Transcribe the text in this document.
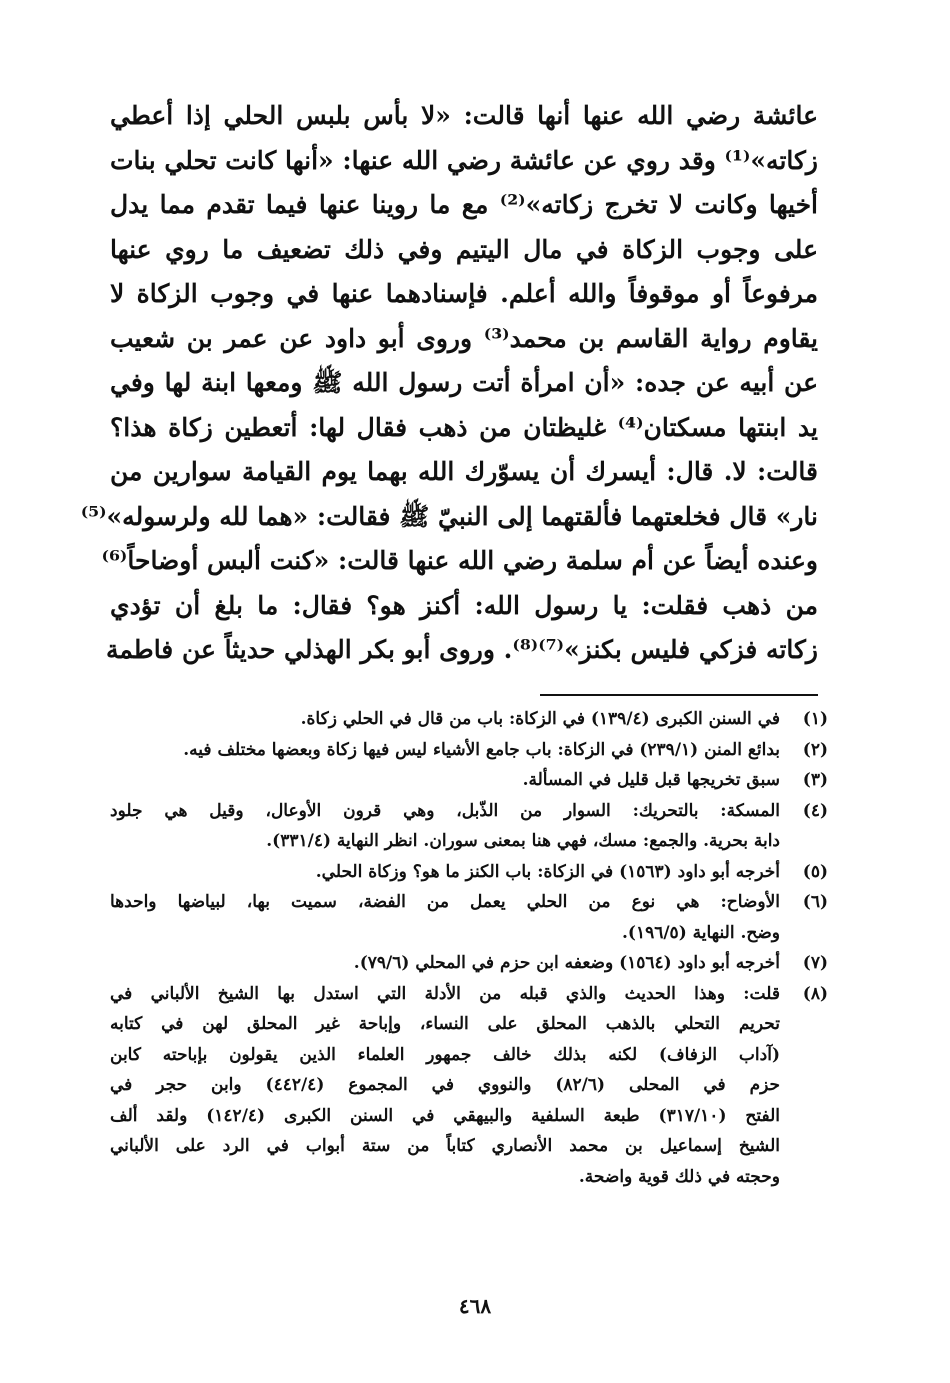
عائشة رضي الله عنها أنها قالت: «لا بأس بلبس الحلي إذا أعطي
زكاته»⁽¹⁾ وقد روي عن عائشة رضي الله عنها: «أنها كانت تحلي بنات
أخيها وكانت لا تخرج زكاته»⁽²⁾ مع ما روينا عنها فيما تقدم مما يدل
على وجوب الزكاة في مال اليتيم وفي ذلك تضعيف ما روي عنها
مرفوعاً أو موقوفاً والله أعلم. فإسنادهما عنها في وجوب الزكاة لا
يقاوم رواية القاسم بن محمد⁽³⁾ وروى أبو داود عن عمر بن شعيب
عن أبيه عن جده: «أن امرأة أتت رسول الله ﷺ ومعها ابنة لها وفي
يد ابنتها مسكتان⁽⁴⁾ غليظتان من ذهب فقال لها: أتعطين زكاة هذا؟
قالت: لا. قال: أيسرك أن يسوّرك الله بهما يوم القيامة سوارين من
نار» قال فخلعتهما فألقتهما إلى النبيّ ﷺ فقالت: «هما لله ولرسوله»⁽⁵⁾
وعنده أيضاً عن أم سلمة رضي الله عنها قالت: «كنت ألبس أوضاحاً⁽⁶⁾
من ذهب فقلت: يا رسول الله: أكنز هو؟ فقال: ما بلغ أن تؤدي
زكاته فزكي فليس بكنز»⁽⁷⁾⁽⁸⁾. وروى أبو بكر الهذلي حديثاً عن فاطمة
(١)
في السنن الكبرى (١٣٩/٤) في الزكاة: باب من قال في الحلي زكاة.
(٢)
بدائع المنن (٢٣٩/١) في الزكاة: باب جامع الأشياء ليس فيها زكاة وبعضها مختلف فيه.
(٣)
سبق تخريجها قبل قليل في المسألة.
(٤)
المسكة: بالتحريك: السوار من الذّبل، وهي قرون الأوعال، وقيل هي جلود
دابة بحرية. والجمع: مسك، فهي هنا بمعنى سوران. انظر النهاية (٣٣١/٤).
(٥)
أخرجه أبو داود (١٥٦٣) في الزكاة: باب الكنز ما هو؟ وزكاة الحلي.
(٦)
الأوضاح: هي نوع من الحلي يعمل من الفضة، سميت بها، لبياضها واحدها
وضح. النهاية (١٩٦/٥).
(٧)
أخرجه أبو داود (١٥٦٤) وضعفه ابن حزم في المحلي (٧٩/٦).
(٨)
قلت: وهذا الحديث والذي قبله من الأدلة التي استدل بها الشيخ الألباني في
تحريم التحلي بالذهب المحلق على النساء، وإباحة غير المحلق لهن في كتابه
(آداب الزفاف) لكنه بذلك خالف جمهور العلماء الذين يقولون بإباحته كابن
حزم في المحلى (٨٢/٦) والنووي في المجموع (٤٤٢/٤) وابن حجر في
الفتح (٣١٧/١٠) طبعة السلفية والبيهقي في السنن الكبرى (١٤٢/٤) ولقد ألف
الشيخ إسماعيل بن محمد الأنصاري كتاباً من ستة أبواب في الرد على الألباني
وحجته في ذلك قوية واضحة.
٤٦٨
